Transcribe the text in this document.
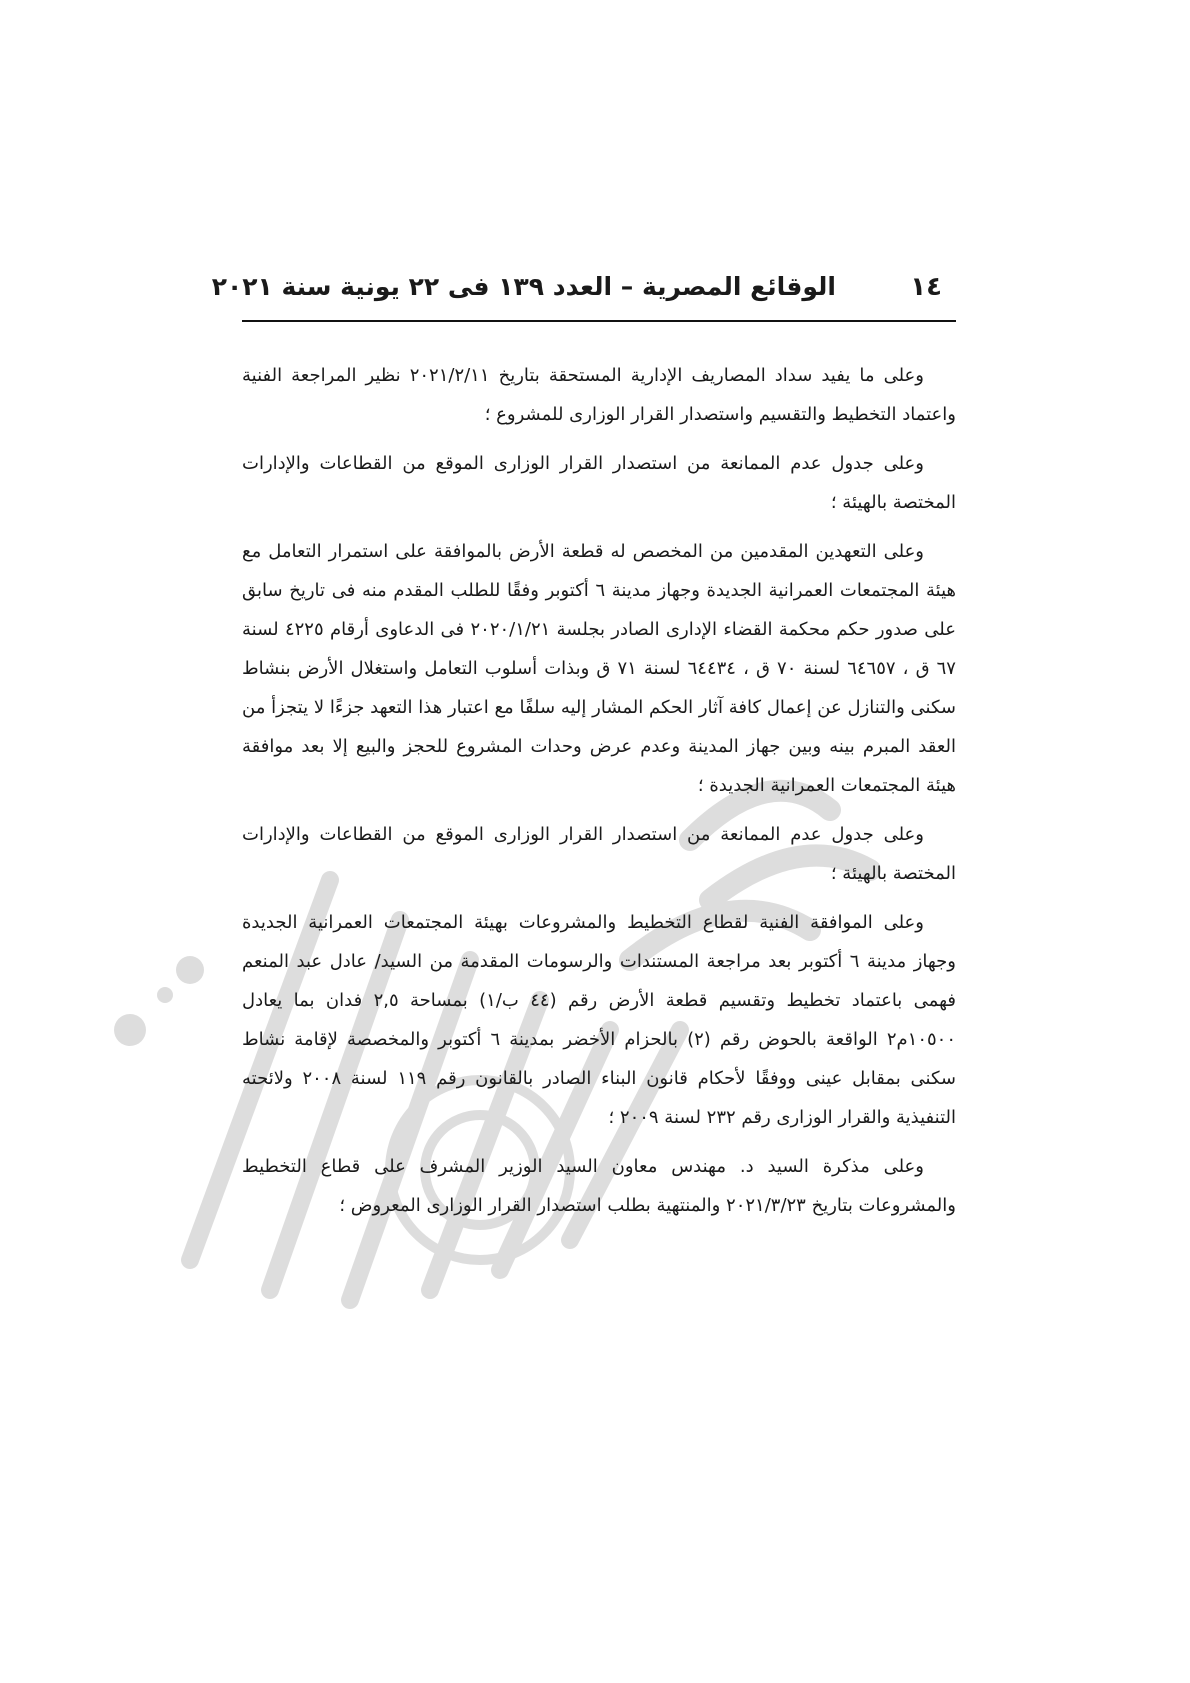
١٤
الوقائع المصرية – العدد ١٣٩ فى ٢٢ يونية سنة ٢٠٢١

وعلى ما يفيد سداد المصاريف الإدارية المستحقة بتاريخ ٢٠٢١/٢/١١ نظير المراجعة الفنية واعتماد التخطيط والتقسيم واستصدار القرار الوزارى للمشروع ؛

وعلى جدول عدم الممانعة من استصدار القرار الوزارى الموقع من القطاعات والإدارات المختصة بالهيئة ؛

وعلى التعهدين المقدمين من المخصص له قطعة الأرض بالموافقة على استمرار التعامل مع هيئة المجتمعات العمرانية الجديدة وجهاز مدينة ٦ أكتوبر وفقًا للطلب المقدم منه فى تاريخ سابق على صدور حكم محكمة القضاء الإدارى الصادر بجلسة ٢٠٢٠/١/٢١ فى الدعاوى أرقام ٤٢٢٥ لسنة ٦٧ ق ، ٦٤٦٥٧ لسنة ٧٠ ق ، ٦٤٤٣٤ لسنة ٧١ ق وبذات أسلوب التعامل واستغلال الأرض بنشاط سكنى والتنازل عن إعمال كافة آثار الحكم المشار إليه سلفًا مع اعتبار هذا التعهد جزءًا لا يتجزأ من العقد المبرم بينه وبين جهاز المدينة وعدم عرض وحدات المشروع للحجز والبيع إلا بعد موافقة هيئة المجتمعات العمرانية الجديدة ؛

وعلى جدول عدم الممانعة من استصدار القرار الوزارى الموقع من القطاعات والإدارات المختصة بالهيئة ؛

وعلى الموافقة الفنية لقطاع التخطيط والمشروعات بهيئة المجتمعات العمرانية الجديدة وجهاز مدينة ٦ أكتوبر بعد مراجعة المستندات والرسومات المقدمة من السيد/ عادل عبد المنعم فهمى باعتماد تخطيط وتقسيم قطعة الأرض رقم (٤٤ ب/١) بمساحة ٢,٥ فدان بما يعادل ١٠٥٠٠م٢ الواقعة بالحوض رقم (٢) بالحزام الأخضر بمدينة ٦ أكتوبر والمخصصة لإقامة نشاط سكنى بمقابل عينى ووفقًا لأحكام قانون البناء الصادر بالقانون رقم ١١٩ لسنة ٢٠٠٨ ولائحته التنفيذية والقرار الوزارى رقم ٢٣٢ لسنة ٢٠٠٩ ؛

وعلى مذكرة السيد د. مهندس معاون السيد الوزير المشرف على قطاع التخطيط والمشروعات بتاريخ ٢٠٢١/٣/٢٣ والمنتهية بطلب استصدار القرار الوزارى المعروض ؛
